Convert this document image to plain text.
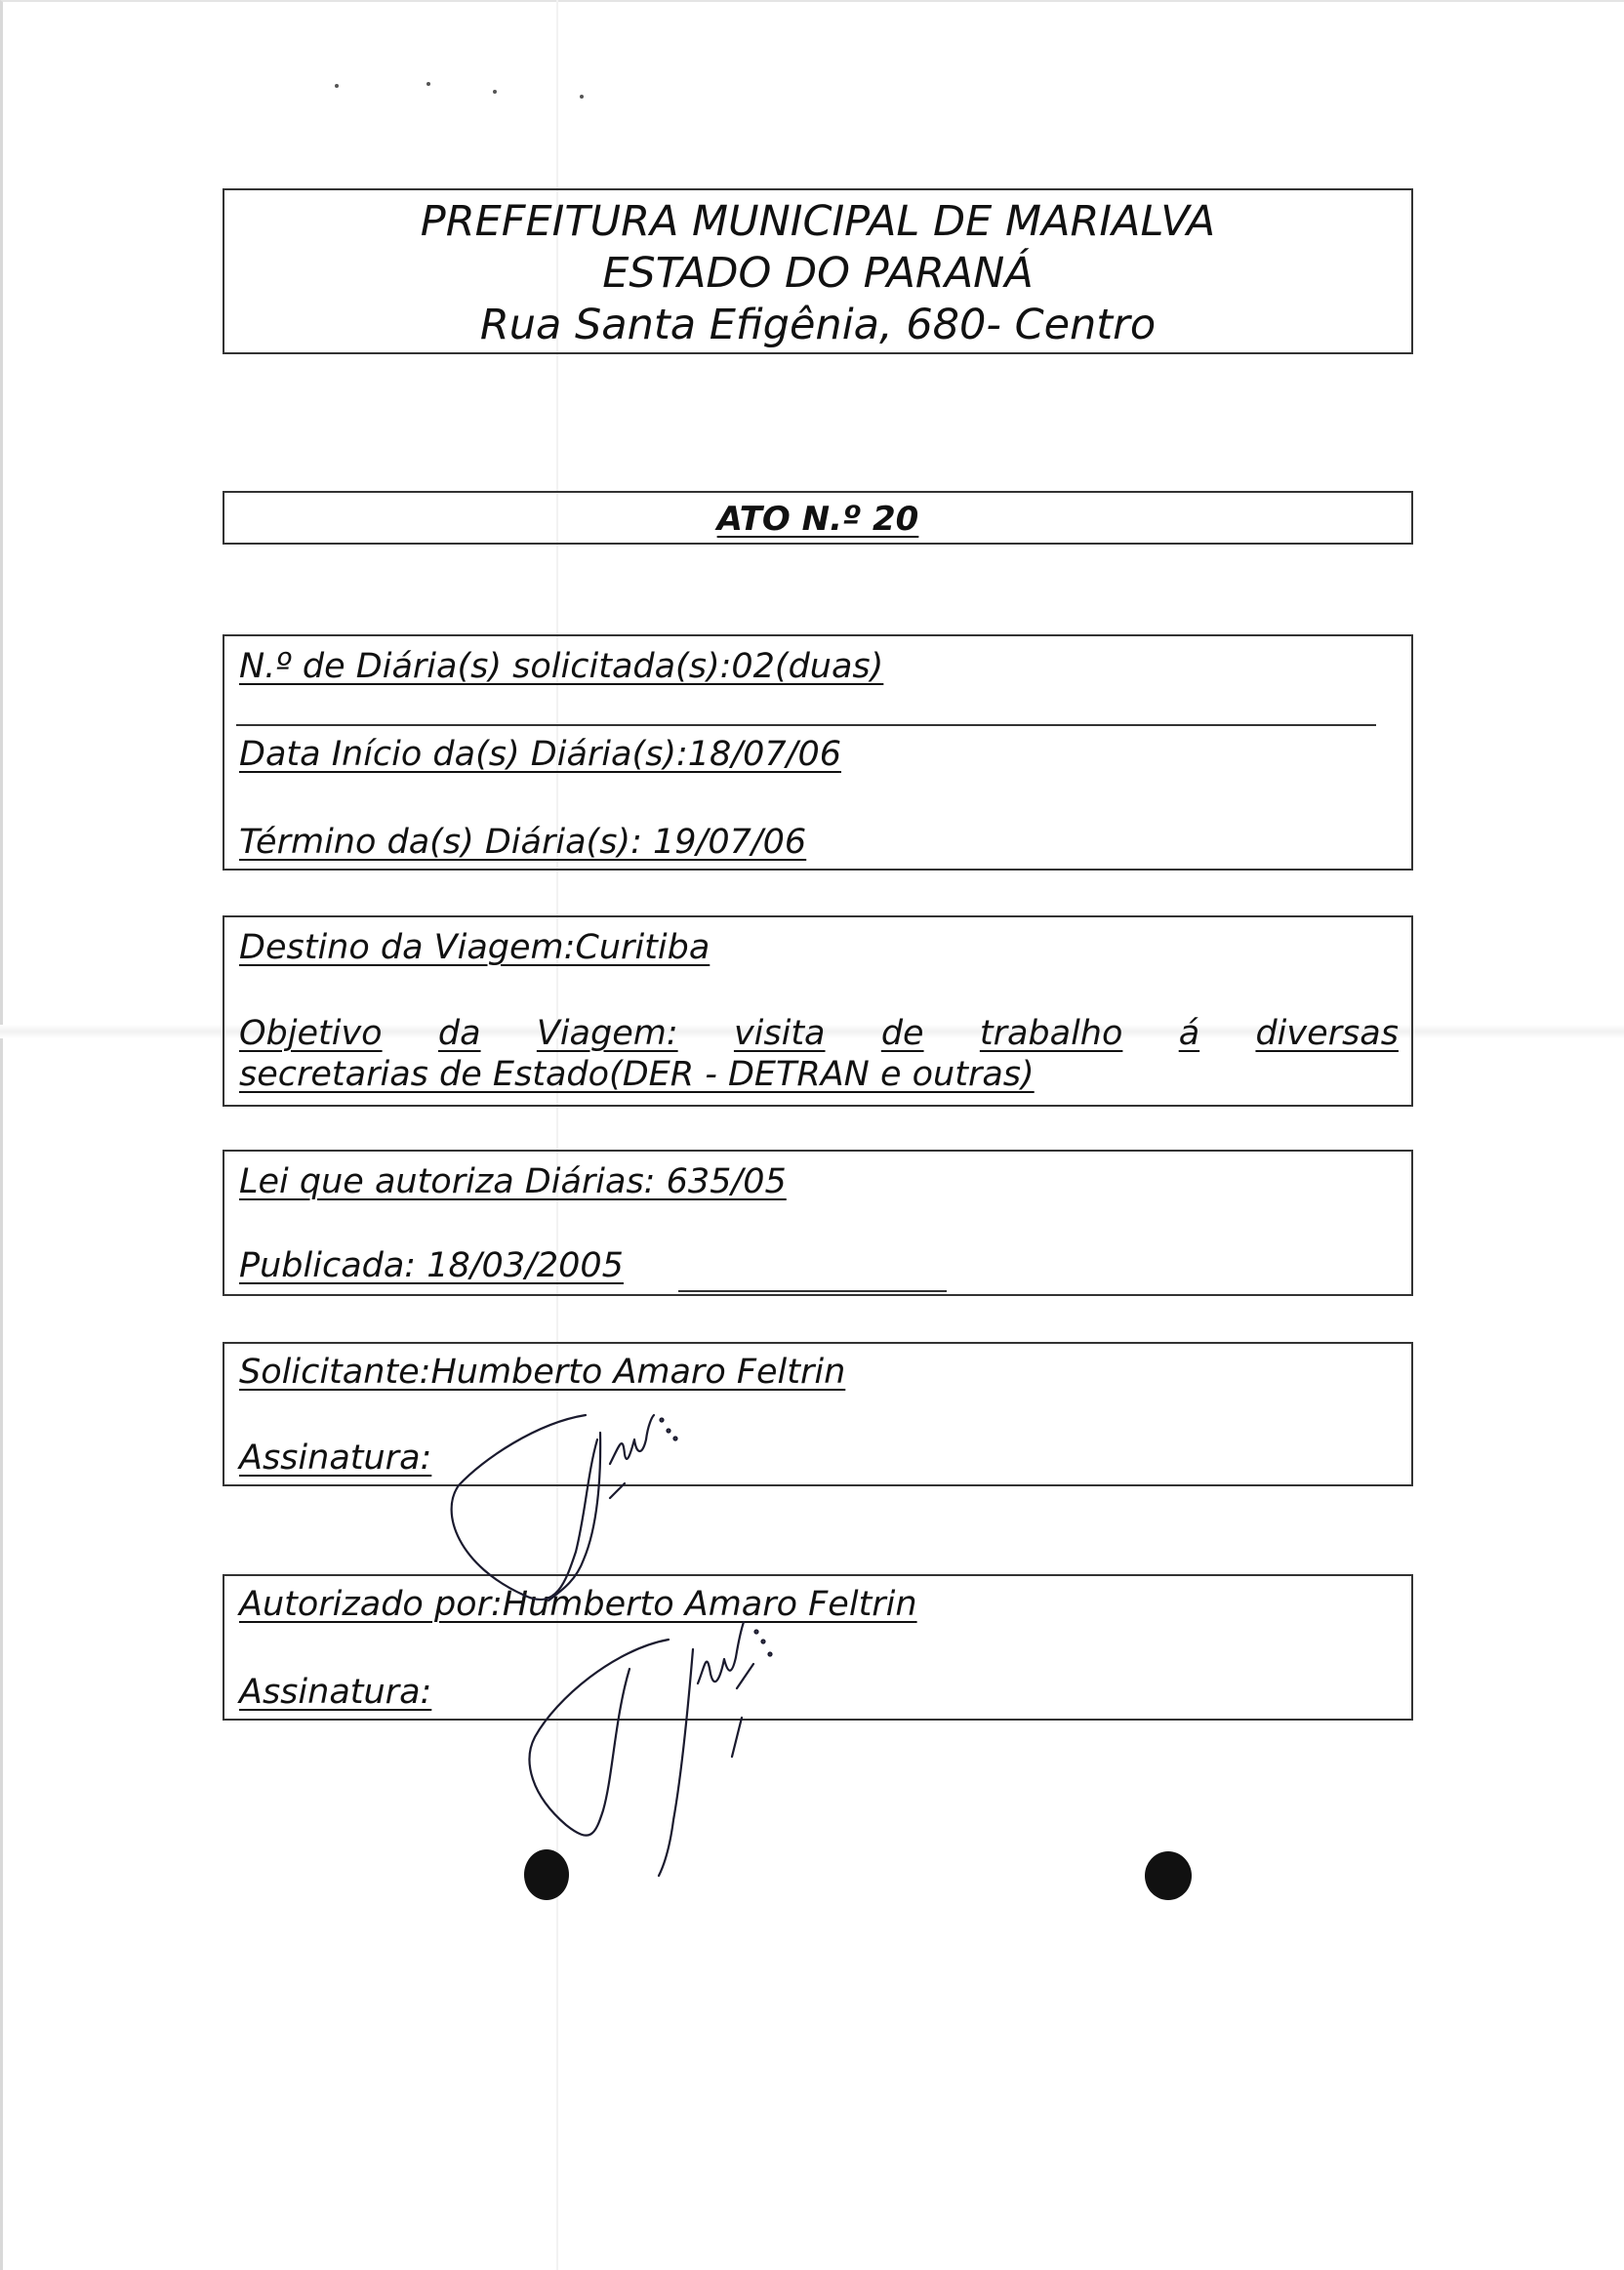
PREFEITURA MUNICIPAL DE MARIALVA
ESTADO DO PARANÁ
Rua Santa Efigênia, 680- Centro
ATO N.º 20
N.º de Diária(s) solicitada(s):02(duas)
Data Início da(s) Diária(s):18/07/06
Término da(s) Diária(s): 19/07/06
Destino da Viagem:Curitiba
Objetivo da Viagem: visita de trabalho á diversas
secretarias de Estado(DER - DETRAN e outras)
Lei que autoriza Diárias: 635/05
Publicada: 18/03/2005
Solicitante:Humberto Amaro Feltrin
Assinatura:
Autorizado por:Humberto Amaro Feltrin
Assinatura:
